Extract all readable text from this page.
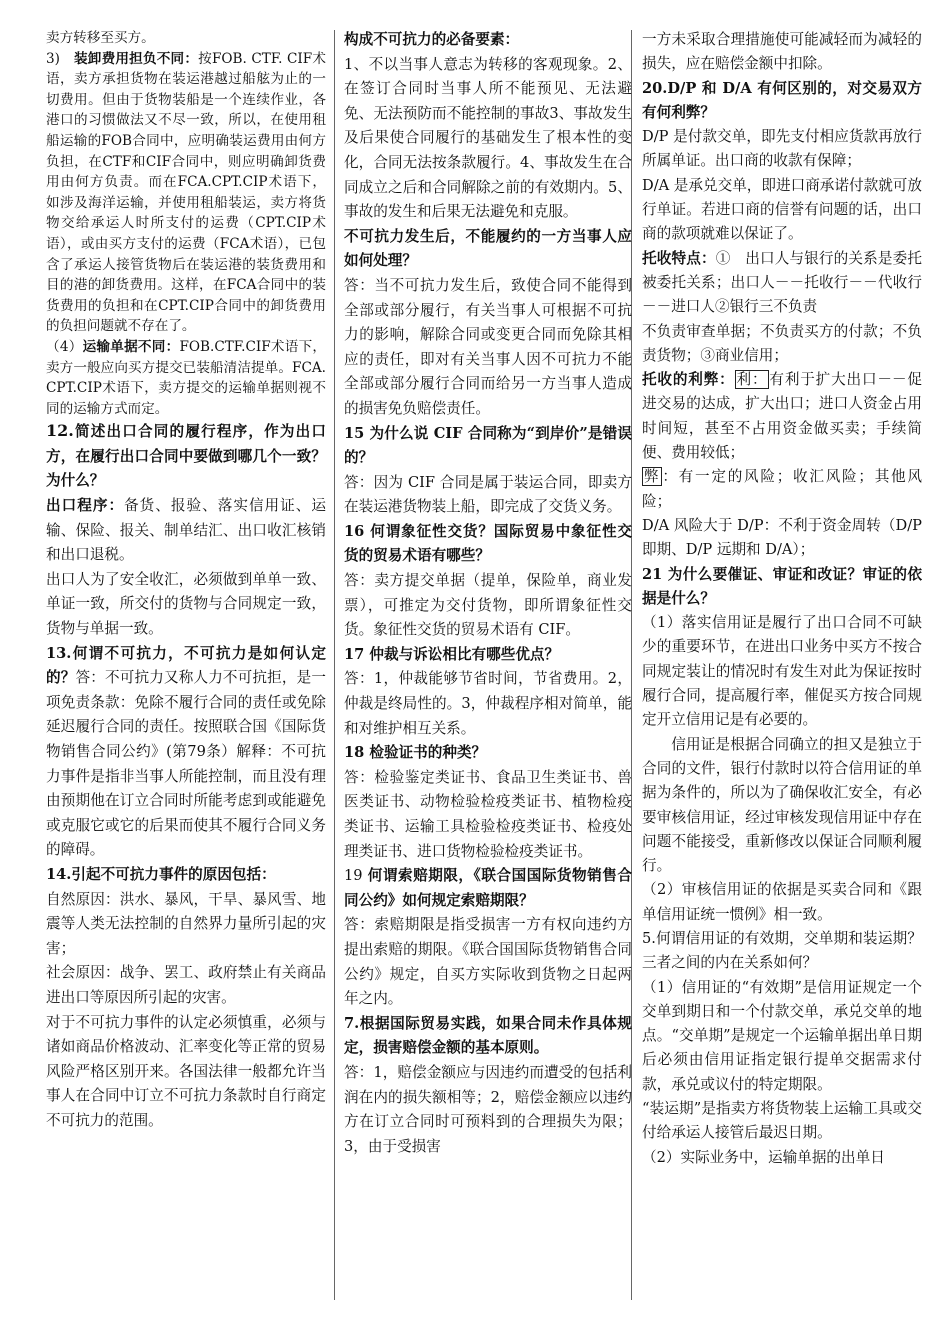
卖方转移至买方。

3)　装卸费用担负不同：按FOB. CTF. CIF术语，卖方承担货物在装运港越过船舷为止的一切费用。但由于货物装船是一个连续作业，各港口的习惯做法又不尽一致，所以，在使用租船运输的FOB合同中，应明确装运费用由何方负担，在CTF和CIF合同中，则应明确卸货费用由何方负责。而在FCA.CPT.CIP术语下，如涉及海洋运输，并使用租船装运，卖方将货物交给承运人时所支付的运费（CPT.CIP术语），或由买方支付的运费（FCA术语），已包含了承运人接管货物后在装运港的装货费用和目的港的卸货费用。这样，在FCA合同中的装货费用的负担和在CPT.CIP合同中的卸货费用的负担问题就不存在了。

（4）运输单据不同：FOB.CTF.CIF术语下，卖方一般应向买方提交已装船清洁提单。FCA.CPT.CIP术语下，卖方提交的运输单据则视不同的运输方式而定。

12.简述出口合同的履行程序，作为出口方，在履行出口合同中要做到哪几个一致？为什么？

出口程序：备货、报验、落实信用证、运输、保险、报关、制单结汇、出口收汇核销和出口退税。

出口人为了安全收汇，必须做到单单一致、单证一致，所交付的货物与合同规定一致，货物与单据一致。

13.何谓不可抗力，不可抗力是如何认定的？答：不可抗力又称人力不可抗拒，是一项免责条款：免除不履行合同的责任或免除延迟履行合同的责任。按照联合国《国际货物销售合同公约》(第79条）解释：不可抗力事件是指非当事人所能控制，而且没有理由预期他在订立合同时所能考虑到或能避免或克服它或它的后果而使其不履行合同义务的障碍。

14.引起不可抗力事件的原因包括：

自然原因：洪水、暴风，干旱、暴风雪、地震等人类无法控制的自然界力量所引起的灾害；

社会原因：战争、罢工、政府禁止有关商品进出口等原因所引起的灾害。

对于不可抗力事件的认定必须慎重，必须与诸如商品价格波动、汇率变化等正常的贸易风险严格区别开来。各国法律一般都允许当事人在合同中订立不可抗力条款时自行商定不可抗力的范围。

构成不可抗力的必备要素：

1、不以当事人意志为转移的客观现象。2、在签订合同时当事人所不能预见、无法避免、无法预防而不能控制的事故3、事故发生及后果使合同履行的基础发生了根本性的变化，合同无法按条款履行。4、事故发生在合同成立之后和合同解除之前的有效期内。5、事故的发生和后果无法避免和克服。

不可抗力发生后，不能履约的一方当事人应如何处理？

答：当不可抗力发生后，致使合同不能得到全部或部分履行，有关当事人可根据不可抗力的影响，解除合同或变更合同而免除其相应的责任，即对有关当事人因不可抗力不能全部或部分履行合同而给另一方当事人造成的损害免负赔偿责任。

15 为什么说 CIF 合同称为“到岸价”是错误的？

答：因为 CIF 合同是属于装运合同，即卖方在装运港货物装上船，即完成了交货义务。

16 何谓象征性交货？国际贸易中象征性交货的贸易术语有哪些？

答：卖方提交单据（提单，保险单，商业发票），可推定为交付货物，即所谓象征性交货。象征性交货的贸易术语有 CIF。

17 仲裁与诉讼相比有哪些优点？

答：1，仲裁能够节省时间，节省费用。2，仲裁是终局性的。3，仲裁程序相对简单，能和对维护相互关系。

18 检验证书的种类？

答：检验鉴定类证书、食品卫生类证书、兽医类证书、动物检验检疫类证书、植物检疫类证书、运输工具检验检疫类证书、检疫处理类证书、进口货物检验检疫类证书。

19 何谓索赔期限，《联合国国际货物销售合同公约》如何规定索赔期限？

答：索赔期限是指受损害一方有权向违约方提出索赔的期限。《联合国国际货物销售合同公约》规定，自买方实际收到货物之日起两年之内。

7.根据国际贸易实践，如果合同未作具体规定，损害赔偿金额的基本原则。

答：1，赔偿金额应与因违约而遭受的包括利润在内的损失额相等；2，赔偿金额应以违约方在订立合同时可预料到的合理损失为限；3，由于受损害

一方未采取合理措施使可能减轻而为减轻的损失，应在赔偿金额中扣除。

20.D/P 和 D/A 有何区别的，对交易双方有何利弊？

D/P 是付款交单，即先支付相应货款再放行所属单证。出口商的收款有保障；

D/A 是承兑交单，即进口商承诺付款就可放行单证。若进口商的信誉有问题的话，出口商的款项就难以保证了。

托收特点：①　出口人与银行的关系是委托被委托关系；出口人－－托收行－－代收行－－进口人②银行三不负责

不负责审查单据；不负责买方的付款；不负责货物；③商业信用；

托收的利弊： 利： 有利于扩大出口－－促进交易的达成，扩大出口；进口人资金占用时间短，甚至不占用资金做买卖；手续简便、费用较低；

弊 ：有一定的风险；收汇风险；其他风险；

D/A 风险大于 D/P：不利于资金周转（D/P 即期、D/P 远期和 D/A）；

21 为什么要催证、审证和改证？审证的依据是什么？

（1）落实信用证是履行了出口合同不可缺少的重要环节，在进出口业务中买方不按合同规定装让的情况时有发生对此为保证按时履行合同，提高履行率，催促买方按合同规定开立信用记是有必要的。

信用证是根据合同确立的担又是独立于合同的文件，银行付款时以符合信用证的单据为条件的，所以为了确保收汇安全，有必要审核信用证，经过审核发现信用证中存在问题不能接受，重新修改以保证合同顺利履行。

（2）审核信用证的依据是买卖合同和《跟单信用证统一惯例》相一致。

5.何谓信用证的有效期，交单期和装运期？三者之间的内在关系如何？

（1）信用证的“有效期”是信用证规定一个交单到期日和一个付款交单，承兑交单的地点。“交单期”是规定一个运输单据出单日期后必须由信用证指定银行提单交据需求付款，承兑或议付的特定期限。

“装运期”是指卖方将货物装上运输工具或交付给承运人接管后最迟日期。

（2）实际业务中，运输单据的出单日
